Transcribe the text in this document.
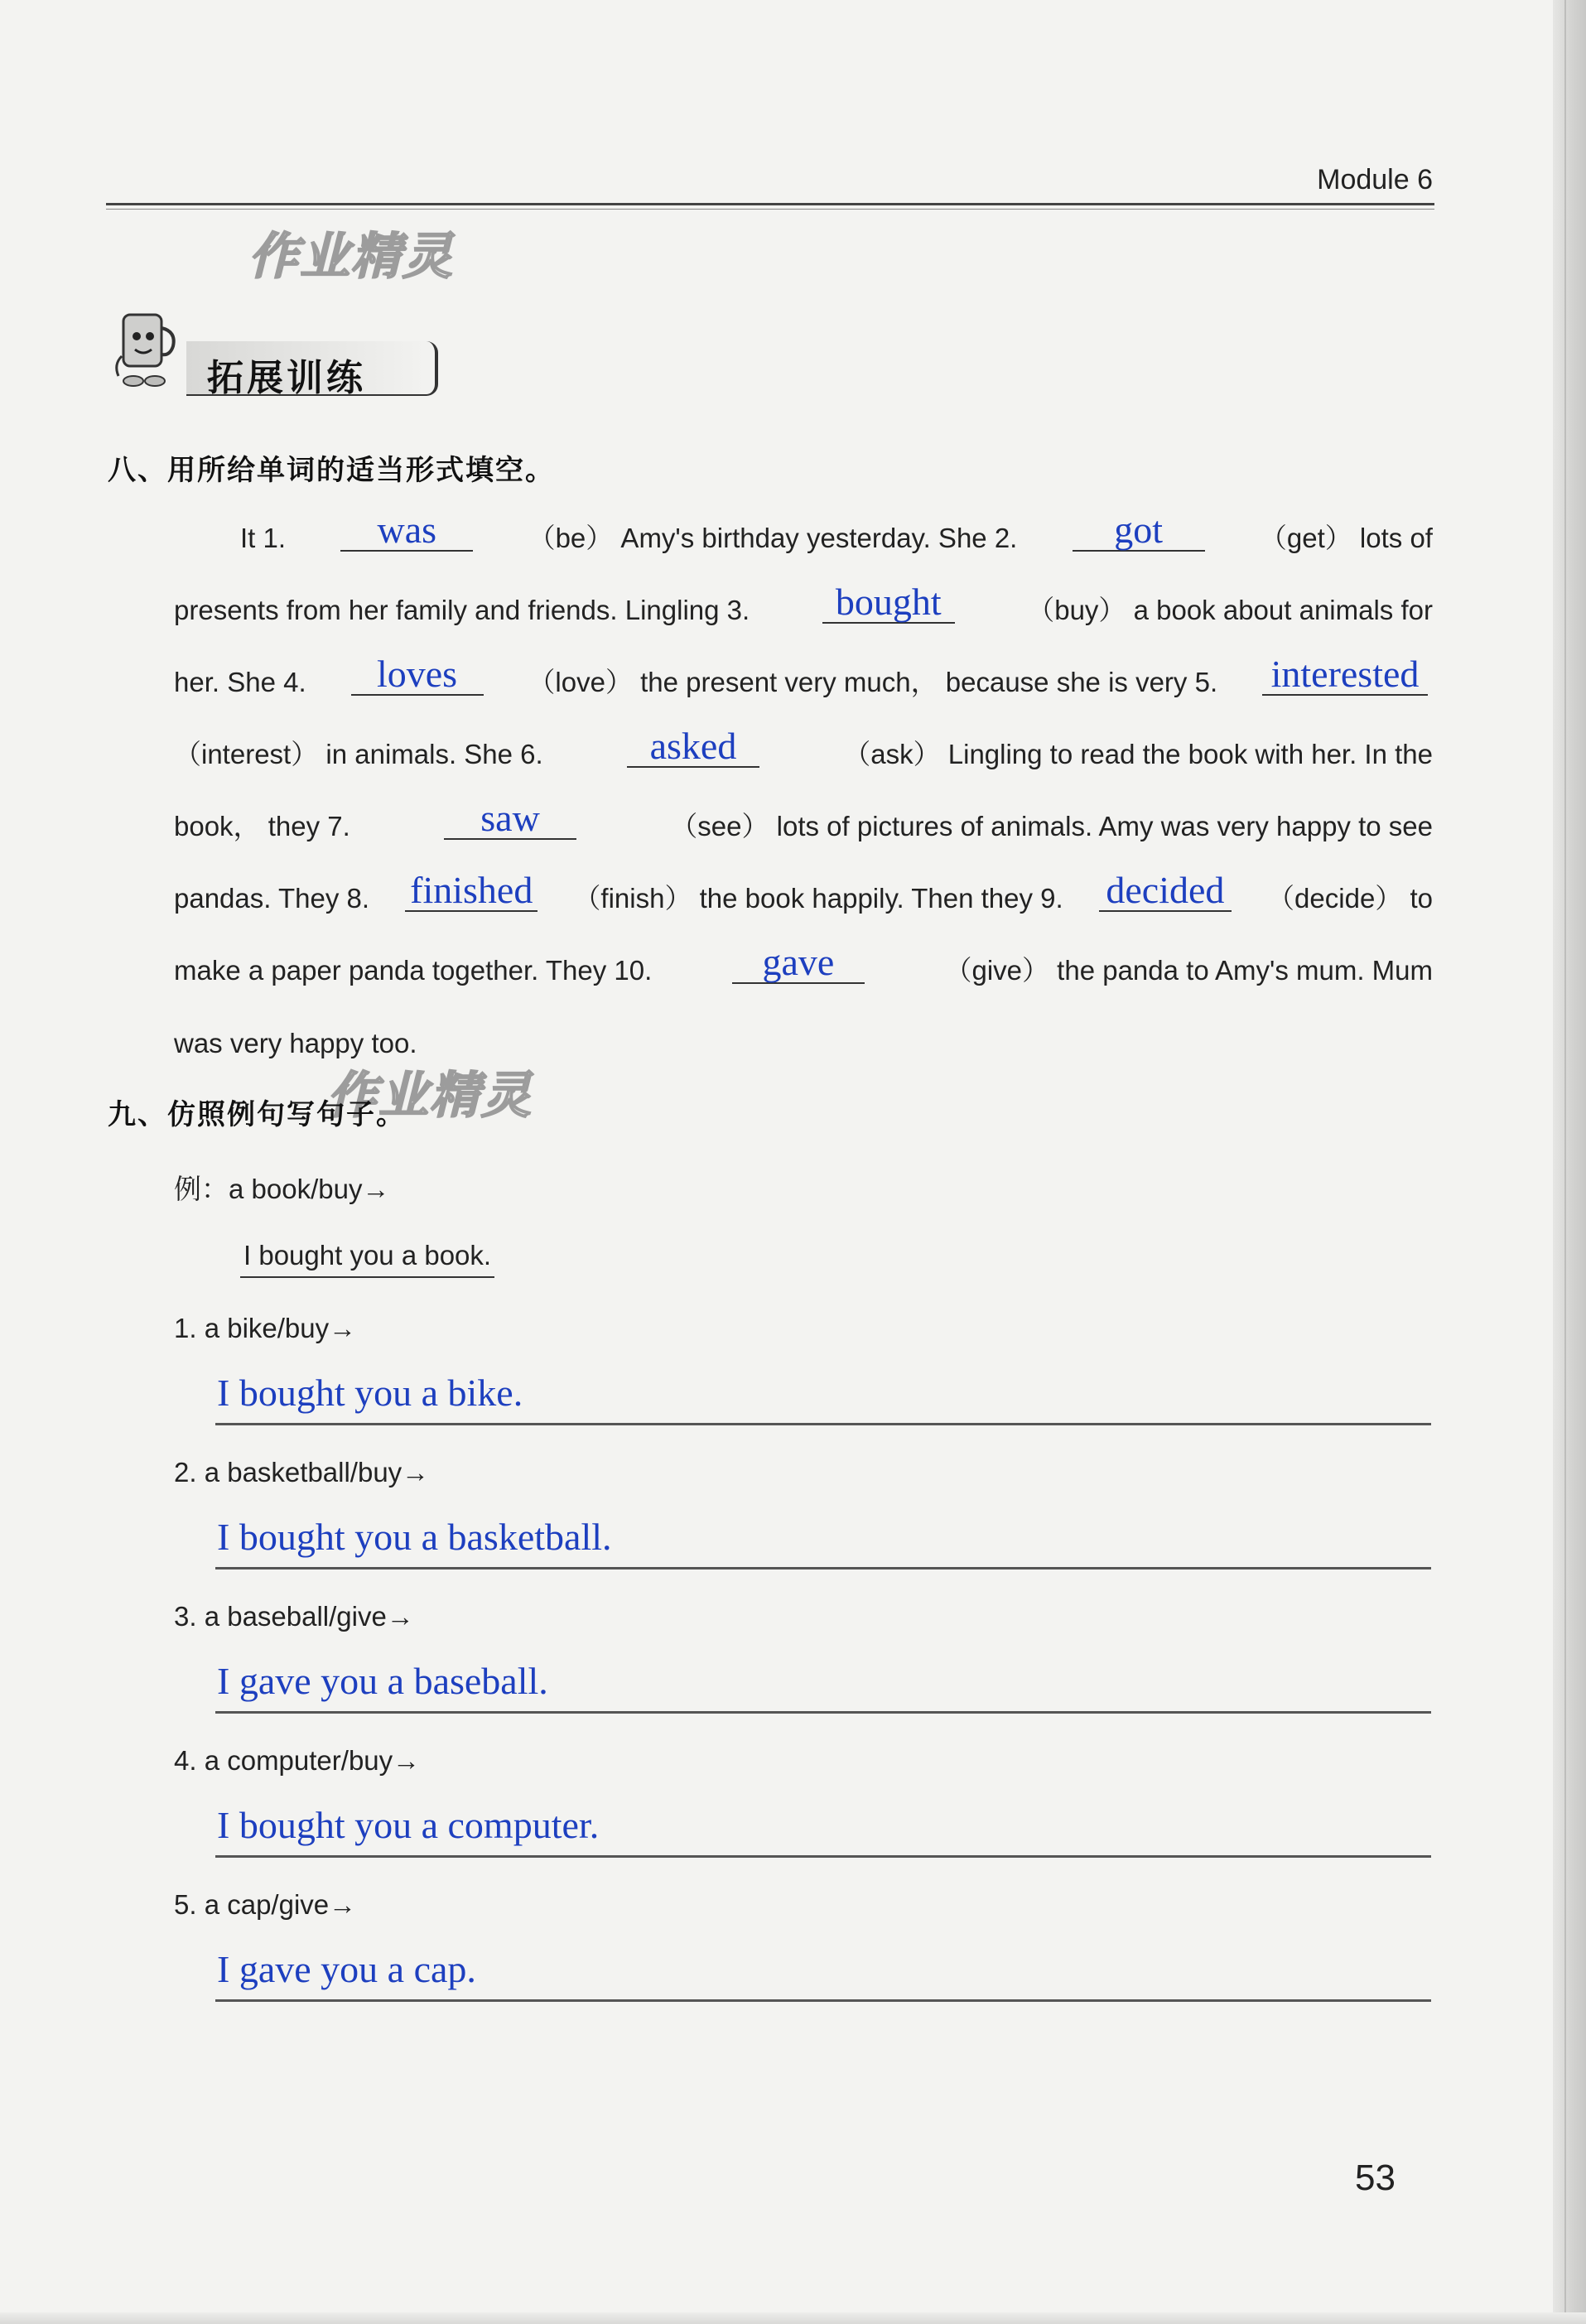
Module 6
作业精灵
作业精灵
拓展训练
八、用所给单词的适当形式填空。
It 1.	was	（be） Amy's birthday yesterday. She 2.	got	（get） lots of
presents from her family and friends. Lingling 3.	bought	（buy） a book about animals for
her. She 4.	loves	（love） the present very much， because she is very 5. interested
（interest） in animals. She 6.	asked	（ask） Lingling to read the book with her. In the
book， they 7.	saw	（see） lots of pictures of animals. Amy was very happy to see
pandas. They 8. finished （finish） the book happily. Then they 9. decided （decide） to
make a paper panda together. They 10.	gave	（give） the panda to Amy's mum. Mum
was very happy too.
九、仿照例句写句子。
例：a book/buy→
I bought you a book.
1. a bike/buy→
I bought you a bike.
2. a basketball/buy→
I bought you a basketball.
3. a baseball/give→
I gave you a baseball.
4. a computer/buy→
I bought you a computer.
5. a cap/give→
I gave you a cap.
53
